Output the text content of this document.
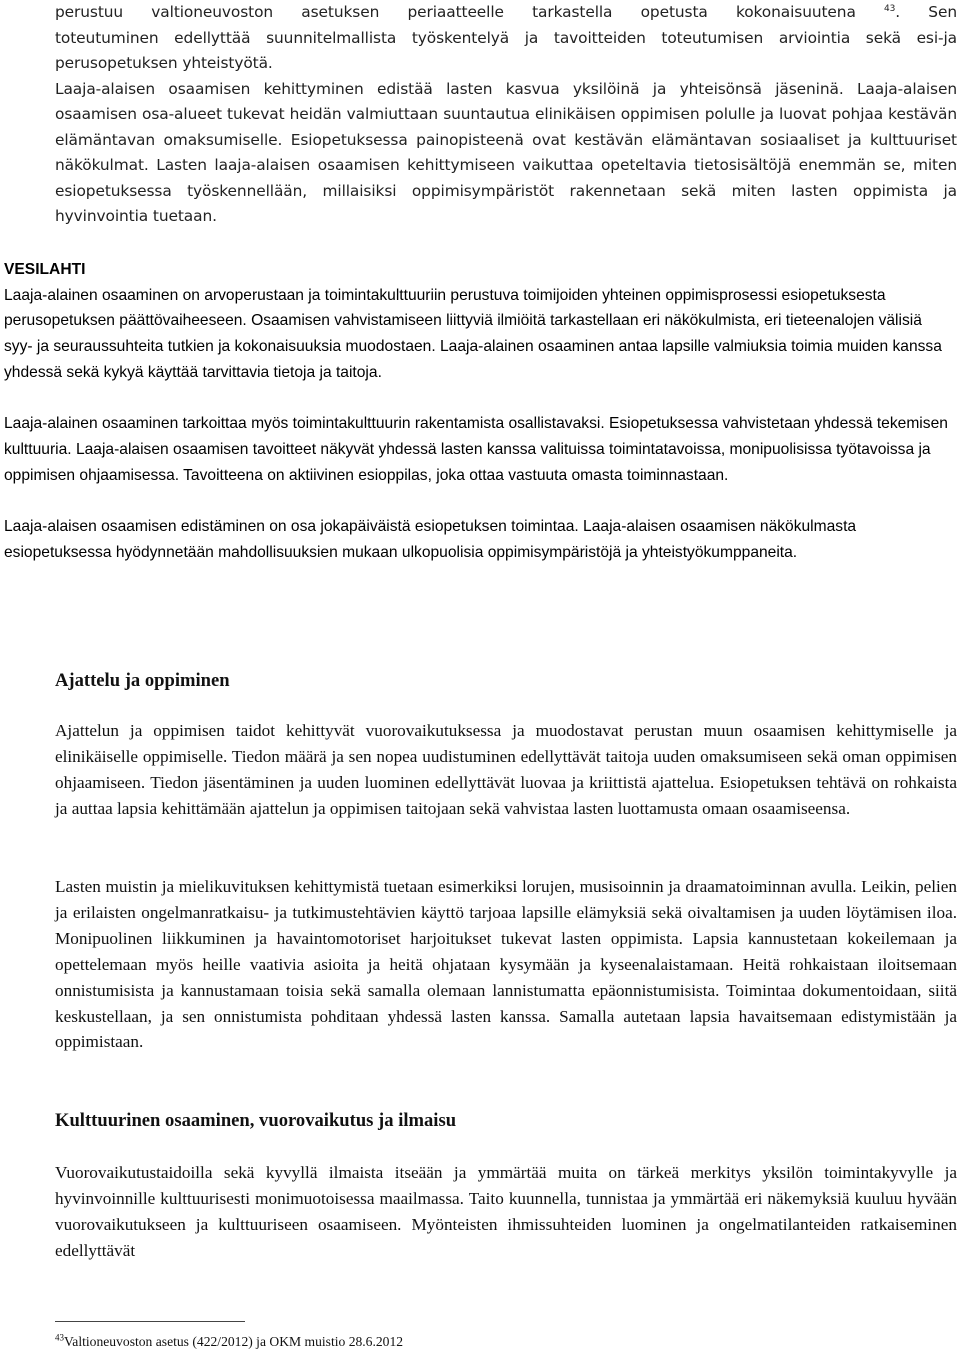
perustuu valtioneuvoston asetuksen periaatteelle tarkastella opetusta kokonaisuutena	$^{43}$. Sen

toteutuminen edellyttää suunnitelmallista työskentelyä ja tavoitteiden toteutumisen arviointia sekä esi-ja perusopetuksen yhteistyötä.

Laaja-alaisen osaamisen kehittyminen edistää lasten kasvua yksilöinä ja yhteisönsä jäseninä. Laaja-alaisen osaamisen osa-alueet tukevat heidän valmiuttaan suuntautua elinikäisen oppimisen polulle ja luovat pohjaa kestävän elämäntavan omaksumiselle. Esiopetuksessa painopisteenä ovat kestävän elämäntavan sosiaaliset ja kulttuuriset näkökulmat. Lasten laaja-alaisen osaamisen kehittymiseen vaikuttaa opeteltavia tietosisältöjä enemmän se, miten esiopetuksessa työskennellään, millaisiksi oppimisympäristöt rakennetaan sekä miten lasten oppimista ja hyvinvointia tuetaan.

VESILAHTI

Laaja-alainen osaaminen on arvoperustaan ja toimintakulttuuriin perustuva toimijoiden yhteinen oppimisprosessi esiopetuksesta perusopetuksen päättövaiheeseen. Osaamisen vahvistamiseen liittyviä ilmiöitä tarkastellaan eri näkökulmista, eri tieteenalojen välisiä syy- ja seuraussuhteita tutkien ja kokonaisuuksia muodostaen. Laaja-alainen osaaminen antaa lapsille valmiuksia toimia muiden kanssa yhdessä sekä kykyä käyttää tarvittavia tietoja ja taitoja.

Laaja-alainen osaaminen tarkoittaa myös toimintakulttuurin rakentamista osallistavaksi. Esiopetuksessa vahvistetaan yhdessä tekemisen kulttuuria. Laaja-alaisen osaamisen tavoitteet näkyvät yhdessä lasten kanssa valituissa toimintatavoissa, monipuolisissa työtavoissa ja oppimisen ohjaamisessa. Tavoitteena on aktiivinen esioppilas, joka ottaa vastuuta omasta toiminnastaan.

Laaja-alaisen osaamisen edistäminen on osa jokapäiväistä esiopetuksen toimintaa. Laaja-alaisen osaamisen näkökulmasta esiopetuksessa hyödynnetään mahdollisuuksien mukaan ulkopuolisia oppimisympäristöjä ja yhteistyökumppaneita.

Ajattelu ja oppiminen
Ajattelun ja oppimisen taidot kehittyvät vuorovaikutuksessa ja muodostavat perustan muun osaamisen kehittymiselle ja elinikäiselle oppimiselle. Tiedon määrä ja sen nopea uudistuminen edellyttävät taitoja uuden omaksumiseen sekä oman oppimisen ohjaamiseen. Tiedon jäsentäminen ja uuden luominen edellyttävät luovaa ja kriittistä ajattelua. Esiopetuksen tehtävä on rohkaista ja auttaa lapsia kehittämään ajattelun ja oppimisen taitojaan sekä vahvistaa lasten luottamusta omaan osaamiseensa.
Lasten muistin ja mielikuvituksen kehittymistä tuetaan esimerkiksi lorujen, musisoinnin ja draamatoiminnan avulla. Leikin, pelien ja erilaisten ongelmanratkaisu- ja tutkimustehtävien käyttö tarjoaa lapsille elämyksiä sekä oivaltamisen ja uuden löytämisen iloa. Monipuolinen liikkuminen ja havaintomotoriset harjoitukset tukevat lasten oppimista. Lapsia kannustetaan kokeilemaan ja opettelemaan myös heille vaativia asioita ja heitä ohjataan kysymään ja kyseenalaistamaan. Heitä rohkaistaan iloitsemaan onnistumisista ja kannustamaan toisia sekä samalla olemaan lannistumatta epäonnistumisista. Toimintaa dokumentoidaan, siitä keskustellaan, ja sen onnistumista pohditaan yhdessä lasten kanssa. Samalla autetaan lapsia havaitsemaan edistymistään ja oppimistaan.
Kulttuurinen osaaminen, vuorovaikutus ja ilmaisu
Vuorovaikutustaidoilla sekä kyvyllä ilmaista itseään ja ymmärtää muita on tärkeä merkitys yksilön toimintakyvylle ja hyvinvoinnille kulttuurisesti monimuotoisessa maailmassa. Taito kuunnella, tunnistaa ja ymmärtää eri näkemyksiä kuuluu hyvään vuorovaikutukseen ja kulttuuriseen osaamiseen. Myönteisten ihmissuhteiden luominen ja ongelmatilanteiden ratkaiseminen edellyttävät
$^{43}$Valtioneuvoston asetus (422/2012) ja OKM muistio 28.6.2012
